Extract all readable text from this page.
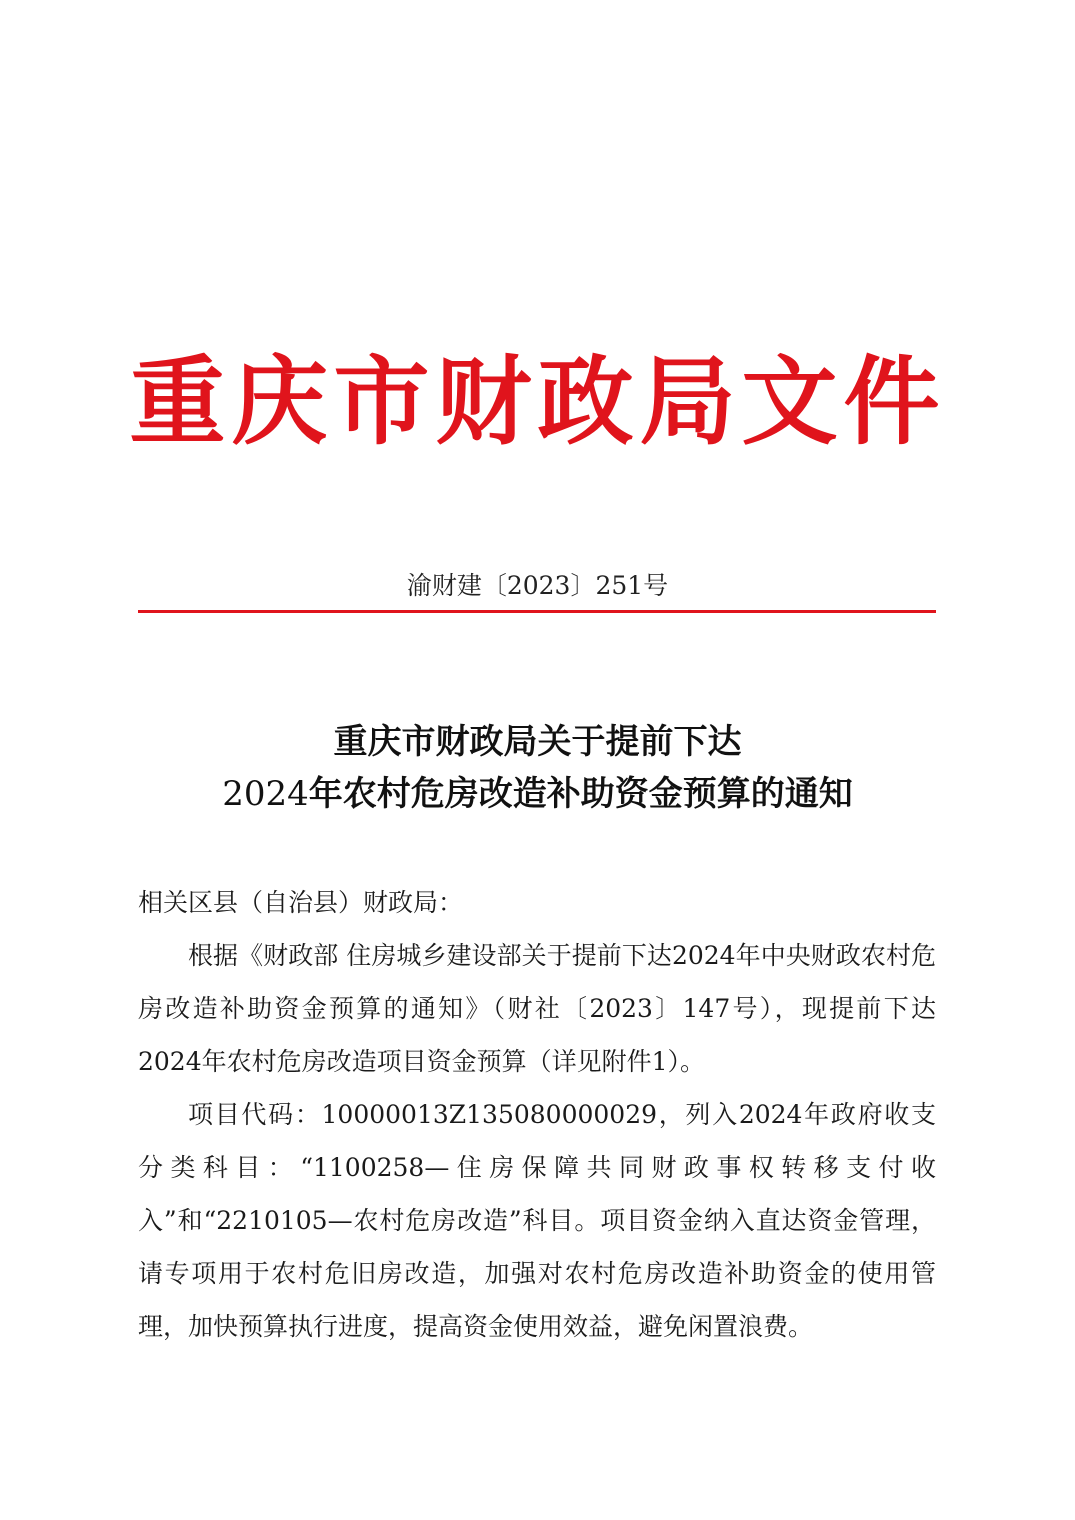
重庆市财政局文件
渝财建〔2023〕251号
重庆市财政局关于提前下达
2024年农村危房改造补助资金预算的通知

相关区县（自治县）财政局：

根据《财政部 住房城乡建设部关于提前下达2024年中央财政农村危房改造补助资金预算的通知》（财社〔2023〕147号），现提前下达2024年农村危房改造项目资金预算（详见附件1）。

项目代码：10000013Z135080000029，列入2024年政府收支分类科目：“1100258—住房保障共同财政事权转移支付收入”和“2210105—农村危房改造”科目。项目资金纳入直达资金管理，请专项用于农村危旧房改造，加强对农村危房改造补助资金的使用管理，加快预算执行进度，提高资金使用效益，避免闲置浪费。
